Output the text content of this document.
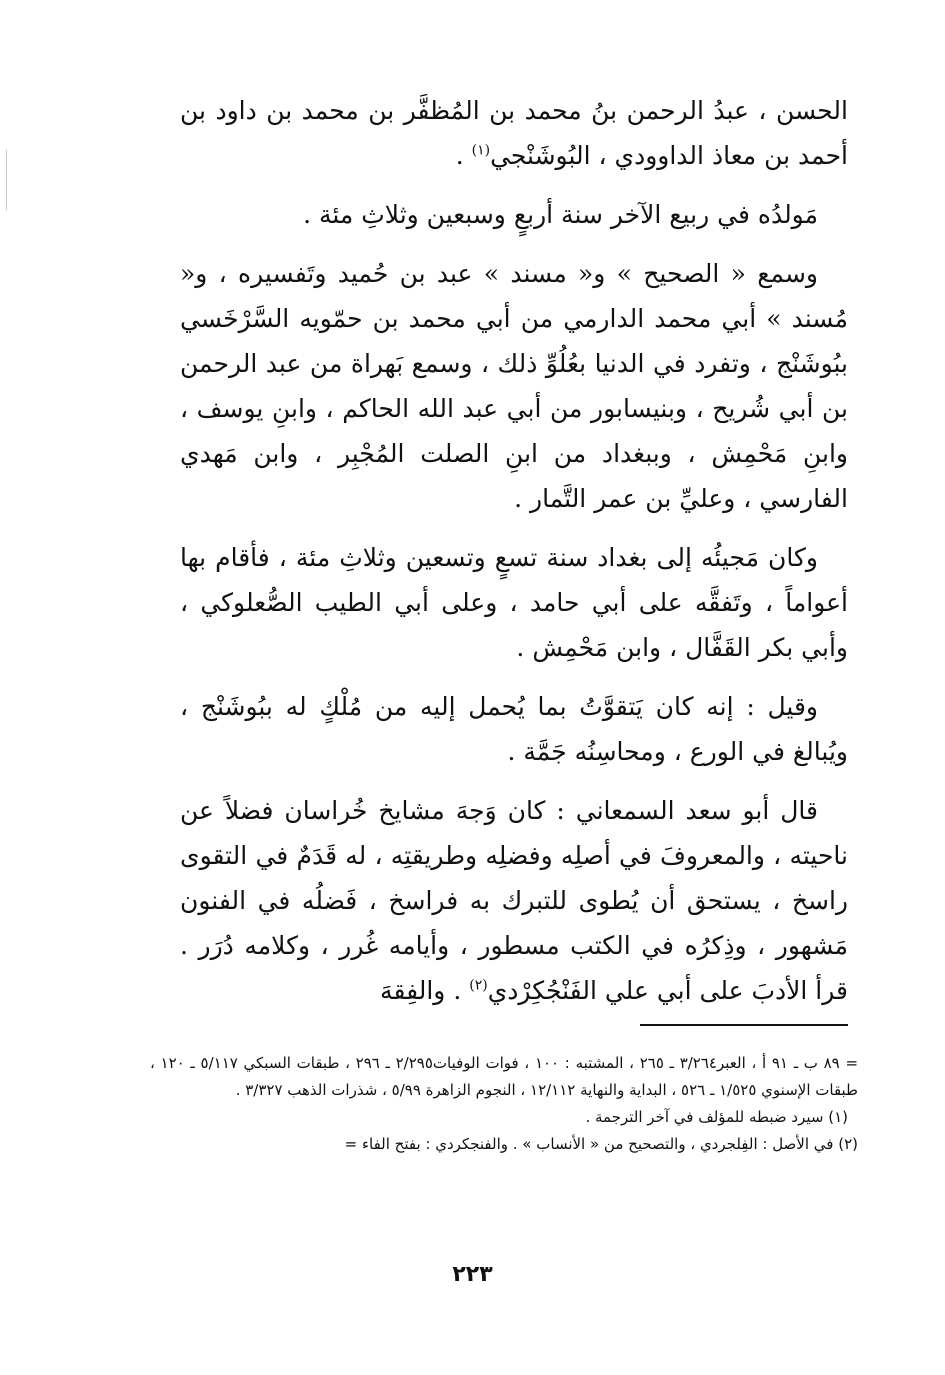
الحسن ، عبدُ الرحمن بنُ محمد بن المُظفَّر بن محمد بن داود بن أحمد بن معاذ الداوودي ، البُوشَنْجي$^{(١)}$ .

مَولدُه في ربيع الآخر سنة أربعٍ وسبعين وثلاثِ مئة .

وسمع « الصحيح » و« مسند » عبد بن حُميد وتَفسيره ، و« مُسند » أبي محمد الدارمي من أبي محمد بن حمّويه السَّرْخَسي ببُوشَنْج ، وتفرد في الدنيا بعُلُوِّ ذلك ، وسمع بَهراة من عبد الرحمن بن أبي شُريح ، وبنيسابور من أبي عبد الله الحاكم ، وابنِ يوسف ، وابنِ مَحْمِش ، وببغداد من ابنِ الصلت المُجْبِر ، وابن مَهدي الفارسي ، وعليِّ بن عمر التَّمار .

وكان مَجيئُه إلى بغداد سنة تسعٍ وتسعين وثلاثِ مئة ، فأقام بها أعواماً ، وتَفقَّه على أبي حامد ، وعلى أبي الطيب الصُّعلوكي ، وأبي بكر القَفَّال ، وابن مَحْمِش .

وقيل : إنه كان يَتقوَّتُ بما يُحمل إليه من مُلْكٍ له ببُوشَنْج ، ويُبالغ في الورع ، ومحاسِنُه جَمَّة .

قال أبو سعد السمعاني : كان وَجهَ مشايخ خُراسان فضلاً عن ناحيته ، والمعروفَ في أصلِه وفضلِه وطريقتِه ، له قَدَمٌ في التقوى راسخ ، يستحق أن يُطوى للتبرك به فراسخ ، فَضلُه في الفنون مَشهور ، وذِكرُه في الكتب مسطور ، وأيامه غُرر ، وكلامه دُرَر . قرأ الأدبَ على أبي علي الفَنْجُكِرْدي$^{(٢)}$ . والفِقهَ

= ٨٩ ب ـ ٩١ أ ، العبر٣/٢٦٤ ـ ٢٦٥ ، المشتبه : ١٠٠ ، فوات الوفيات٢/٢٩٥ ـ ٢٩٦ ، طبقات السبكي ٥/١١٧ ـ ١٢٠ ، طبقات الإسنوي ١/٥٢٥ ـ ٥٢٦ ، البداية والنهاية ١٢/١١٢ ، النجوم الزاهرة ٥/٩٩ ، شذرات الذهب ٣/٣٢٧ .

(١) سيرد ضبطه للمؤلف في آخر الترجمة .

(٢) في الأصل : الفِلجردي ، والتصحيح من « الأنساب » . والفنجكردي : بفتح الفاء =

٢٢٣
